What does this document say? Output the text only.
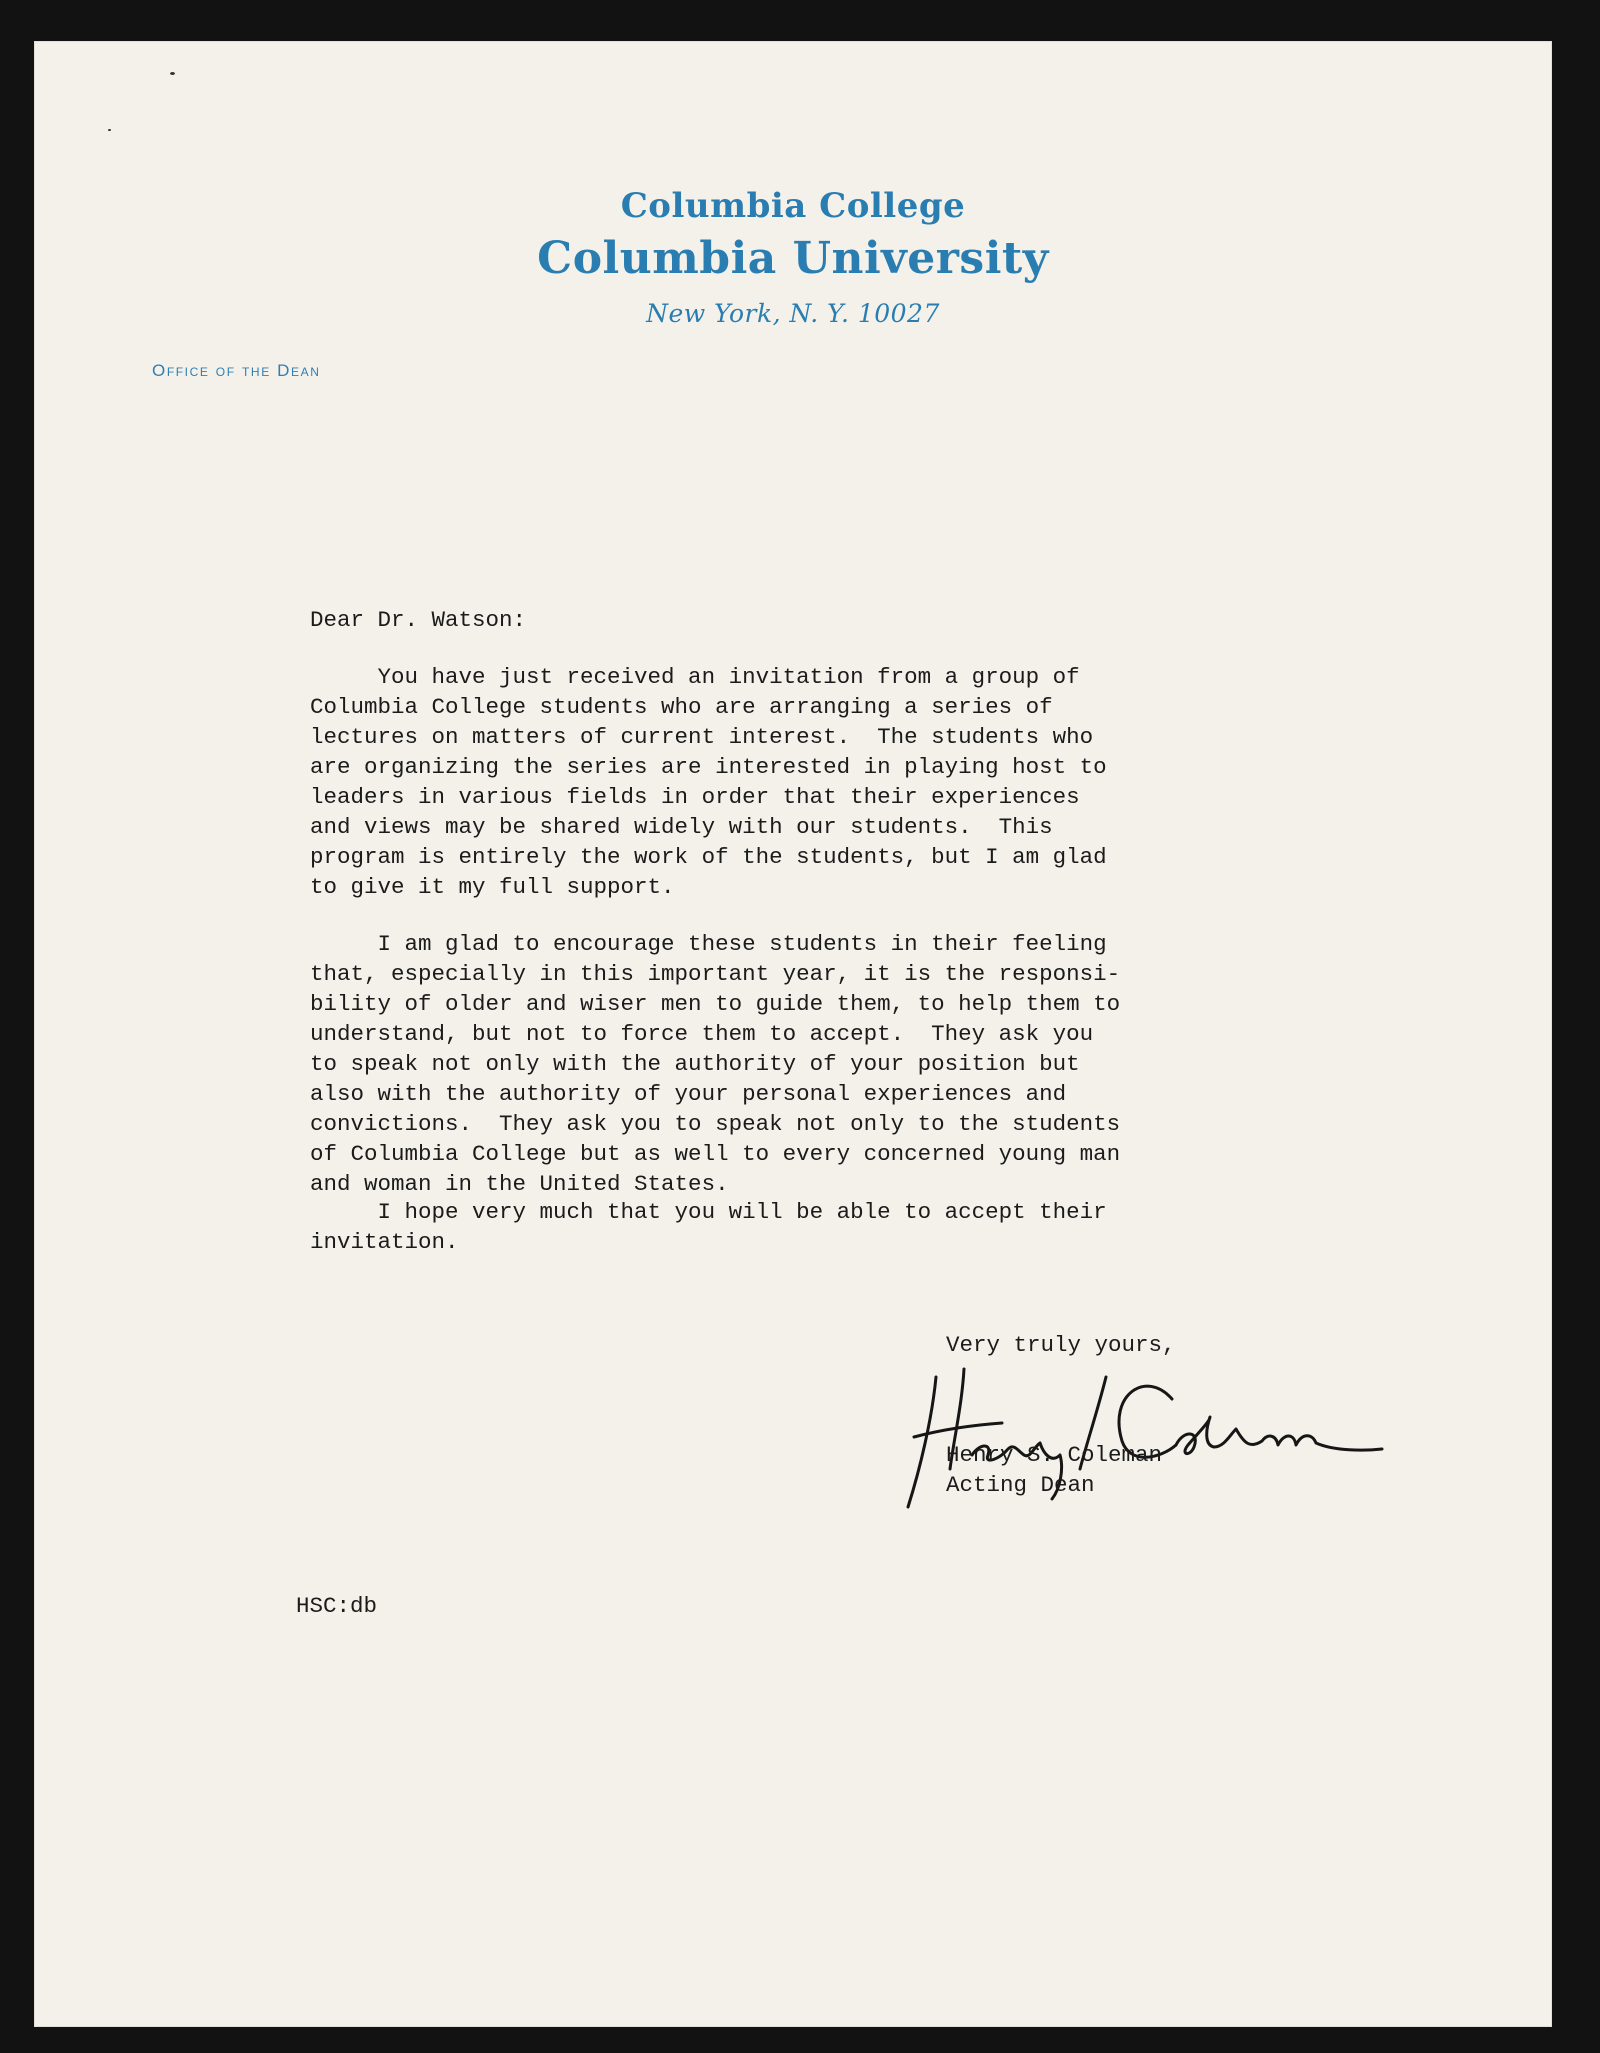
Columbia College
Columbia University
New York, N. Y. 10027
Office of the Dean
Dear Dr. Watson:
You have just received an invitation from a group of
Columbia College students who are arranging a series of
lectures on matters of current interest.  The students who
are organizing the series are interested in playing host to
leaders in various fields in order that their experiences
and views may be shared widely with our students.  This
program is entirely the work of the students, but I am glad
to give it my full support.
I am glad to encourage these students in their feeling
that, especially in this important year, it is the responsi-
bility of older and wiser men to guide them, to help them to
understand, but not to force them to accept.  They ask you
to speak not only with the authority of your position but
also with the authority of your personal experiences and
convictions.  They ask you to speak not only to the students
of Columbia College but as well to every concerned young man
and woman in the United States.
I hope very much that you will be able to accept their
invitation.
Very truly yours,
Henry S. Coleman
Acting Dean
HSC:db
